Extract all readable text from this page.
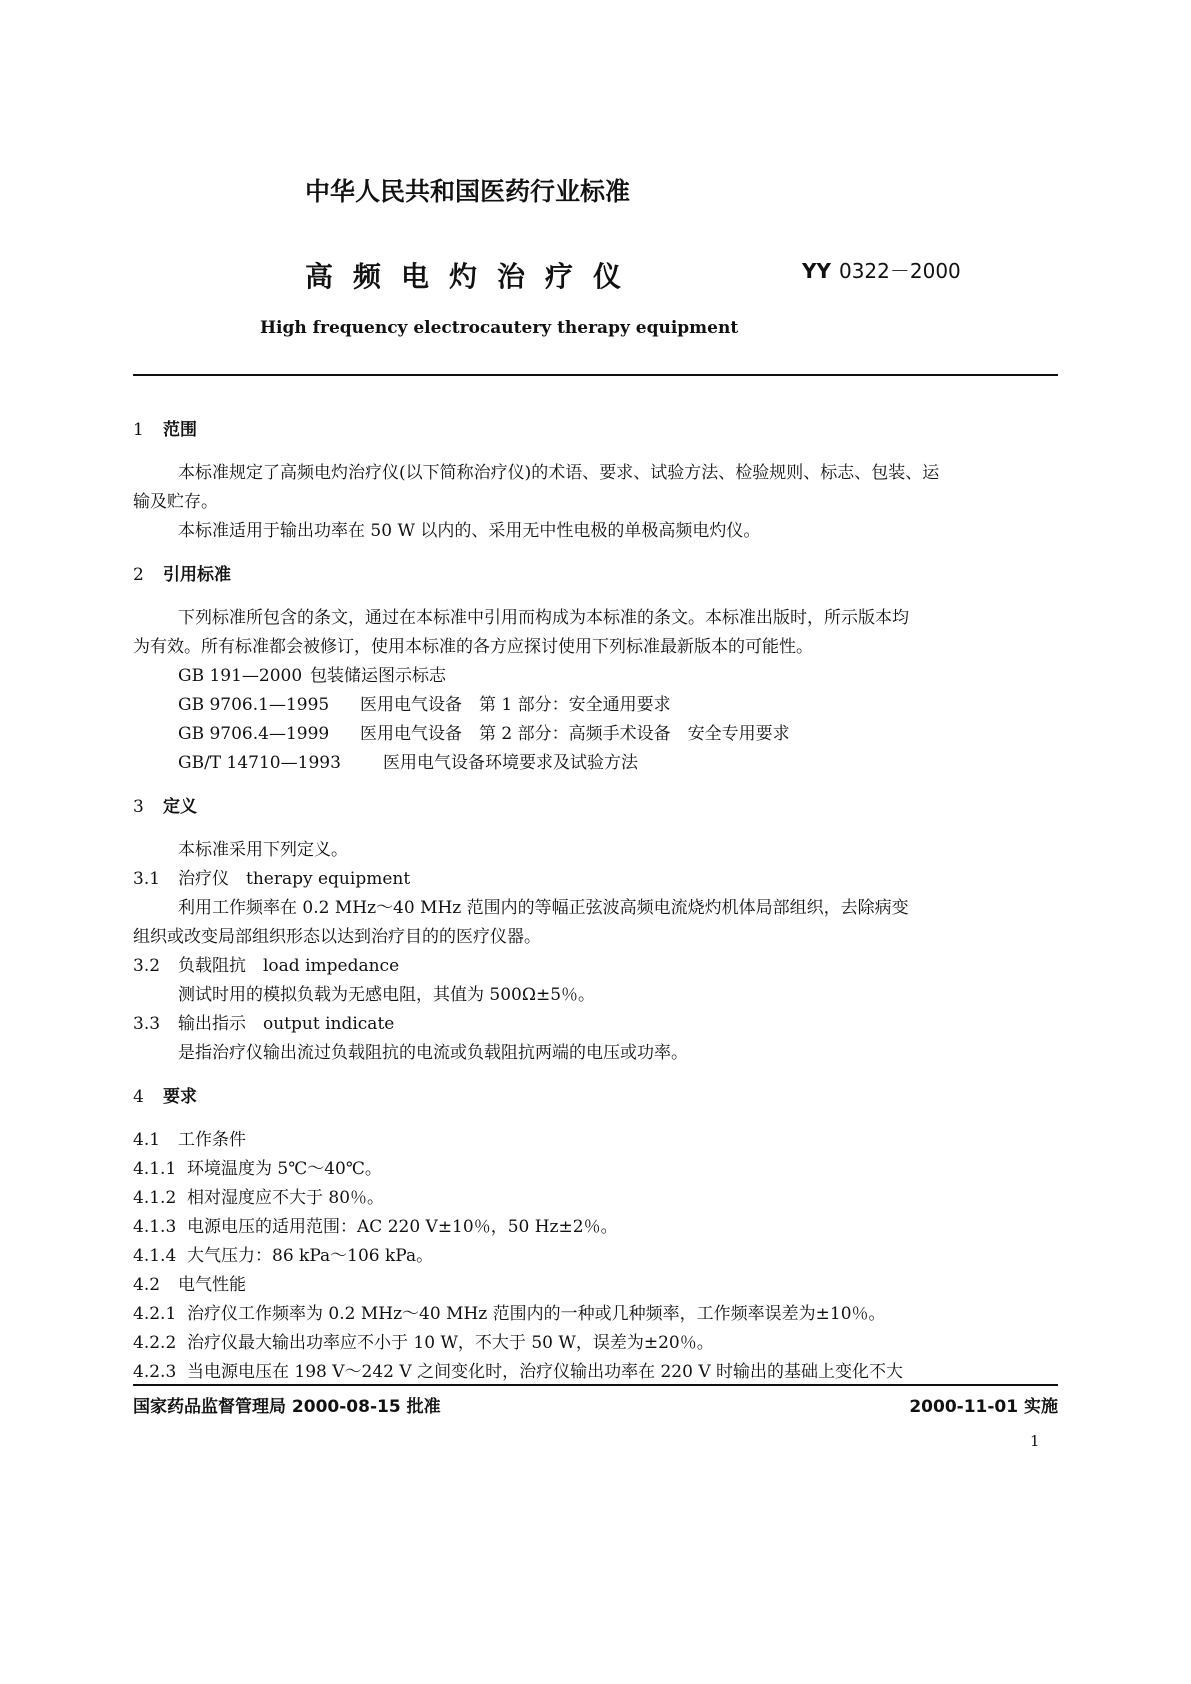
中华人民共和国医药行业标准
高频电灼治疗仪	YY 0322－2000
High frequency electrocautery therapy equipment
1 范围
本标准规定了高频电灼治疗仪(以下简称治疗仪)的术语、要求、试验方法、检验规则、标志、包装、运
输及贮存。
本标准适用于输出功率在 50 W 以内的、采用无中性电极的单极高频电灼仪。
2 引用标准
下列标准所包含的条文，通过在本标准中引用而构成为本标准的条文。本标准出版时，所示版本均
为有效。所有标准都会被修订，使用本标准的各方应探讨使用下列标准最新版本的可能性。
GB 191—2000 包装储运图示标志
GB 9706.1—1995 医用电气设备　第 1 部分：安全通用要求
GB 9706.4—1999 医用电气设备　第 2 部分：高频手术设备　安全专用要求
GB/T 14710—1993 医用电气设备环境要求及试验方法
3 定义
本标准采用下列定义。
3.1 治疗仪　therapy equipment
利用工作频率在 0.2 MHz～40 MHz 范围内的等幅正弦波高频电流烧灼机体局部组织，去除病变
组织或改变局部组织形态以达到治疗目的的医疗仪器。
3.2 负载阻抗　load impedance
测试时用的模拟负载为无感电阻，其值为 500Ω±5％。
3.3 输出指示　output indicate
是指治疗仪输出流过负载阻抗的电流或负载阻抗两端的电压或功率。
4 要求
4.1 工作条件
4.1.1 环境温度为 5℃～40℃。
4.1.2 相对湿度应不大于 80％。
4.1.3 电源电压的适用范围：AC 220 V±10％，50 Hz±2％。
4.1.4 大气压力：86 kPa～106 kPa。
4.2 电气性能
4.2.1 治疗仪工作频率为 0.2 MHz～40 MHz 范围内的一种或几种频率，工作频率误差为±10％。
4.2.2 治疗仪最大输出功率应不小于 10 W，不大于 50 W，误差为±20％。
4.2.3 当电源电压在 198 V～242 V 之间变化时，治疗仪输出功率在 220 V 时输出的基础上变化不大
国家药品监督管理局 2000-08-15 批准	2000-11-01 实施
1
